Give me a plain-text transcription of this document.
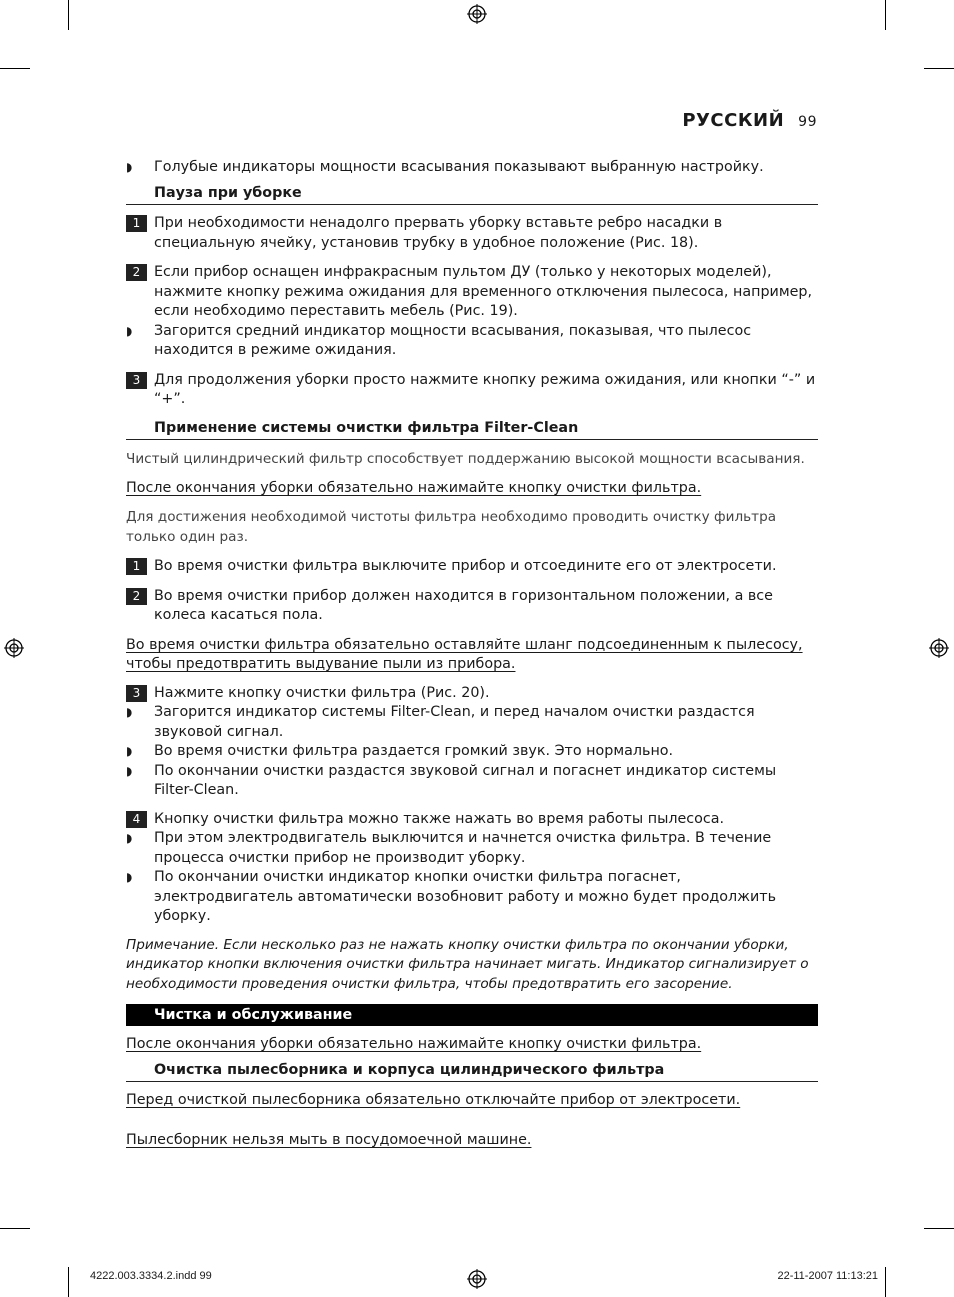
РУССКИЙ 99
◗ Голубые индикаторы мощности всасывания показывают выбранную настройку.
Пауза при уборке
1 При необходимости ненадолго прервать уборку вставьте ребро насадки в специальную ячейку, установив трубку в удобное положение (Рис. 18).
2 Если прибор оснащен инфракрасным пультом ДУ (только у некоторых моделей), нажмите кнопку режима ожидания для временного отключения пылесоса, например, если необходимо переставить мебель (Рис. 19).
◗ Загорится средний индикатор мощности всасывания, показывая, что пылесос находится в режиме ожидания.
3 Для продолжения уборки просто нажмите кнопку режима ожидания, или кнопки “-” и “+”.
Применение системы очистки фильтра Filter-Clean
Чистый цилиндрический фильтр способствует поддержанию высокой мощности всасывания.
После окончания уборки обязательно нажимайте кнопку очистки фильтра.
Для достижения необходимой чистоты фильтра необходимо проводить очистку фильтра только один раз.
1 Во время очистки фильтра выключите прибор и отсоедините его от электросети.
2 Во время очистки прибор должен находится в горизонтальном положении, а все колеса касаться пола.
Во время очистки фильтра обязательно оставляйте шланг подсоединенным к пылесосу, чтобы предотвратить выдувание пыли из прибора.
3 Нажмите кнопку очистки фильтра (Рис. 20).
◗ Загорится индикатор системы Filter-Clean, и перед началом очистки раздастся звуковой сигнал.
◗ Во время очистки фильтра раздается громкий звук. Это нормально.
◗ По окончании очистки раздастся звуковой сигнал и погаснет индикатор системы Filter-Clean.
4 Кнопку очистки фильтра можно также нажать во время работы пылесоса.
◗ При этом электродвигатель выключится и начнется очистка фильтра. В течение процесса очистки прибор не производит уборку.
◗ По окончании очистки индикатор кнопки очистки фильтра погаснет, электродвигатель автоматически возобновит работу и можно будет продолжить уборку.
Примечание. Если несколько раз не нажать кнопку очистки фильтра по окончании уборки, индикатор кнопки включения очистки фильтра начинает мигать. Индикатор сигнализирует о необходимости проведения очистки фильтра, чтобы предотвратить его засорение.
Чистка и обслуживание
После окончания уборки обязательно нажимайте кнопку очистки фильтра.
Очистка пылесборника и корпуса цилиндрического фильтра
Перед очисткой пылесборника обязательно отключайте прибор от электросети.
Пылесборник нельзя мыть в посудомоечной машине.
4222.003.3334.2.indd 99	22-11-2007 11:13:21
